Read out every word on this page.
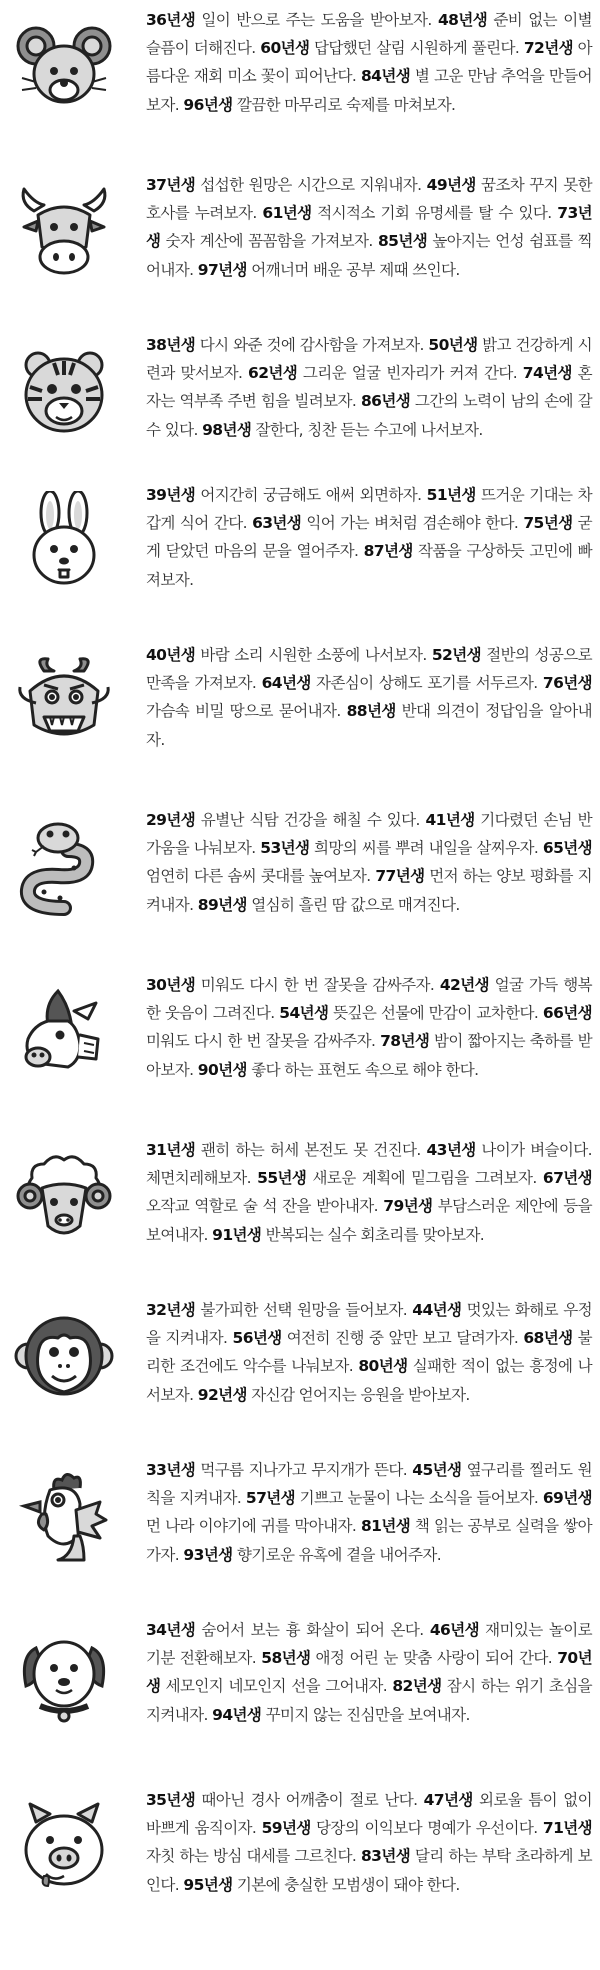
36년생 일이 반으로 주는 도움을 받아보자. 48년생 준비 없는 이별 슬픔이 더해진다. 60년생 답답했던 살림 시원하게 풀린다. 72년생 아름다운 재회 미소 꽃이 피어난다. 84년생 별 고운 만남 추억을 만들어보자. 96년생 깔끔한 마무리로 숙제를 마쳐보자.

37년생 섭섭한 원망은 시간으로 지워내자. 49년생 꿈조차 꾸지 못한 호사를 누려보자. 61년생 적시적소 기회 유명세를 탈 수 있다. 73년생 숫자 계산에 꼼꼼함을 가져보자. 85년생 높아지는 언성 쉼표를 찍어내자. 97년생 어깨너머 배운 공부 제때 쓰인다.

38년생 다시 와준 것에 감사함을 가져보자. 50년생 밝고 건강하게 시련과 맞서보자. 62년생 그리운 얼굴 빈자리가 커져 간다. 74년생 혼자는 역부족 주변 힘을 빌려보자. 86년생 그간의 노력이 남의 손에 갈 수 있다. 98년생 잘한다, 칭찬 듣는 수고에 나서보자.

39년생 어지간히 궁금해도 애써 외면하자. 51년생 뜨거운 기대는 차갑게 식어 간다. 63년생 익어 가는 벼처럼 겸손해야 한다. 75년생 굳게 닫았던 마음의 문을 열어주자. 87년생 작품을 구상하듯 고민에 빠져보자.

40년생 바람 소리 시원한 소풍에 나서보자. 52년생 절반의 성공으로 만족을 가져보자. 64년생 자존심이 상해도 포기를 서두르자. 76년생 가슴속 비밀 땅으로 묻어내자. 88년생 반대 의견이 정답임을 알아내자.

29년생 유별난 식탐 건강을 해칠 수 있다. 41년생 기다렸던 손님 반가움을 나눠보자. 53년생 희망의 씨를 뿌려 내일을 살찌우자. 65년생 엄연히 다른 솜씨 콧대를 높여보자. 77년생 먼저 하는 양보 평화를 지켜내자. 89년생 열심히 흘린 땀 값으로 매겨진다.

30년생 미워도 다시 한 번 잘못을 감싸주자. 42년생 얼굴 가득 행복한 웃음이 그려진다. 54년생 뜻깊은 선물에 만감이 교차한다. 66년생 미워도 다시 한 번 잘못을 감싸주자. 78년생 밤이 짧아지는 축하를 받아보자. 90년생 좋다 하는 표현도 속으로 해야 한다.

31년생 괜히 하는 허세 본전도 못 건진다. 43년생 나이가 벼슬이다. 체면치레해보자. 55년생 새로운 계획에 밑그림을 그려보자. 67년생 오작교 역할로 술 석 잔을 받아내자. 79년생 부담스러운 제안에 등을 보여내자. 91년생 반복되는 실수 회초리를 맞아보자.

32년생 불가피한 선택 원망을 들어보자. 44년생 멋있는 화해로 우정을 지켜내자. 56년생 여전히 진행 중 앞만 보고 달려가자. 68년생 불리한 조건에도 악수를 나눠보자. 80년생 실패한 적이 없는 흥정에 나서보자. 92년생 자신감 얻어지는 응원을 받아보자.

33년생 먹구름 지나가고 무지개가 뜬다. 45년생 옆구리를 찔러도 원칙을 지켜내자. 57년생 기쁘고 눈물이 나는 소식을 들어보자. 69년생 먼 나라 이야기에 귀를 막아내자. 81년생 책 읽는 공부로 실력을 쌓아 가자. 93년생 향기로운 유혹에 곁을 내어주자.

34년생 숨어서 보는 흉 화살이 되어 온다. 46년생 재미있는 놀이로 기분 전환해보자. 58년생 애정 어린 눈 맞춤 사랑이 되어 간다. 70년생 세모인지 네모인지 선을 그어내자. 82년생 잠시 하는 위기 초심을 지켜내자. 94년생 꾸미지 않는 진심만을 보여내자.

35년생 때아닌 경사 어깨춤이 절로 난다. 47년생 외로울 틈이 없이 바쁘게 움직이자. 59년생 당장의 이익보다 명예가 우선이다. 71년생 자칫 하는 방심 대세를 그르친다. 83년생 달리 하는 부탁 초라하게 보인다. 95년생 기본에 충실한 모범생이 돼야 한다.
